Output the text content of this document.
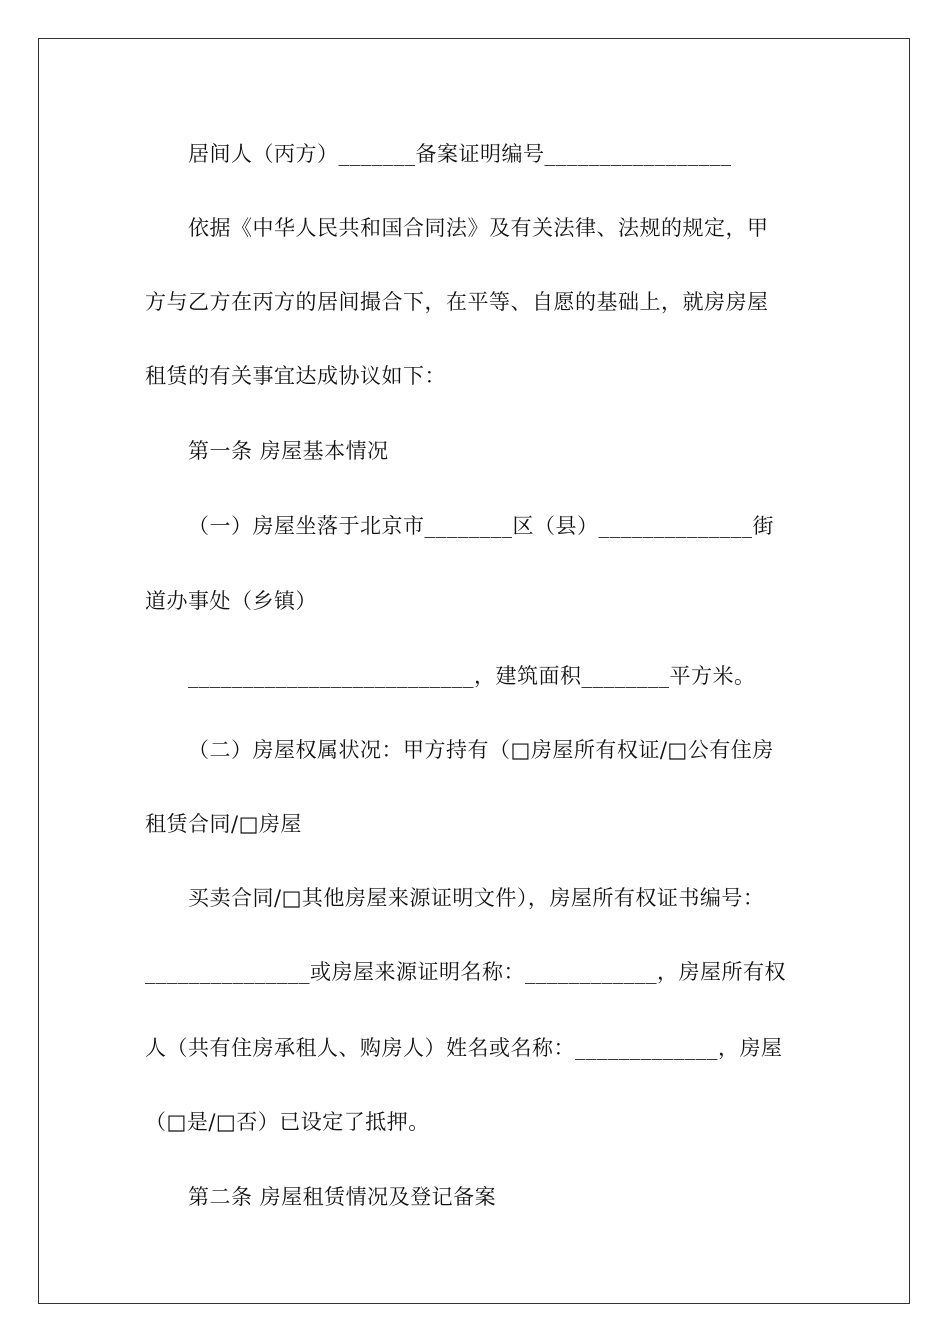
居间人（丙方）_______备案证明编号_________________
依据《中华人民共和国合同法》及有关法律、法规的规定，甲
方与乙方在丙方的居间撮合下，在平等、自愿的基础上，就房房屋
租赁的有关事宜达成协议如下：
第一条 房屋基本情况
（一）房屋坐落于北京市________区（县）______________街
道办事处（乡镇）
__________________________，建筑面积________平方米。
（二）房屋权属状况：甲方持有（□房屋所有权证/□公有住房
租赁合同/□房屋
买卖合同/□其他房屋来源证明文件），房屋所有权证书编号：
_______________或房屋来源证明名称：____________，房屋所有权
人（共有住房承租人、购房人）姓名或名称：_____________，房屋
（□是/□否）已设定了抵押。
第二条 房屋租赁情况及登记备案
